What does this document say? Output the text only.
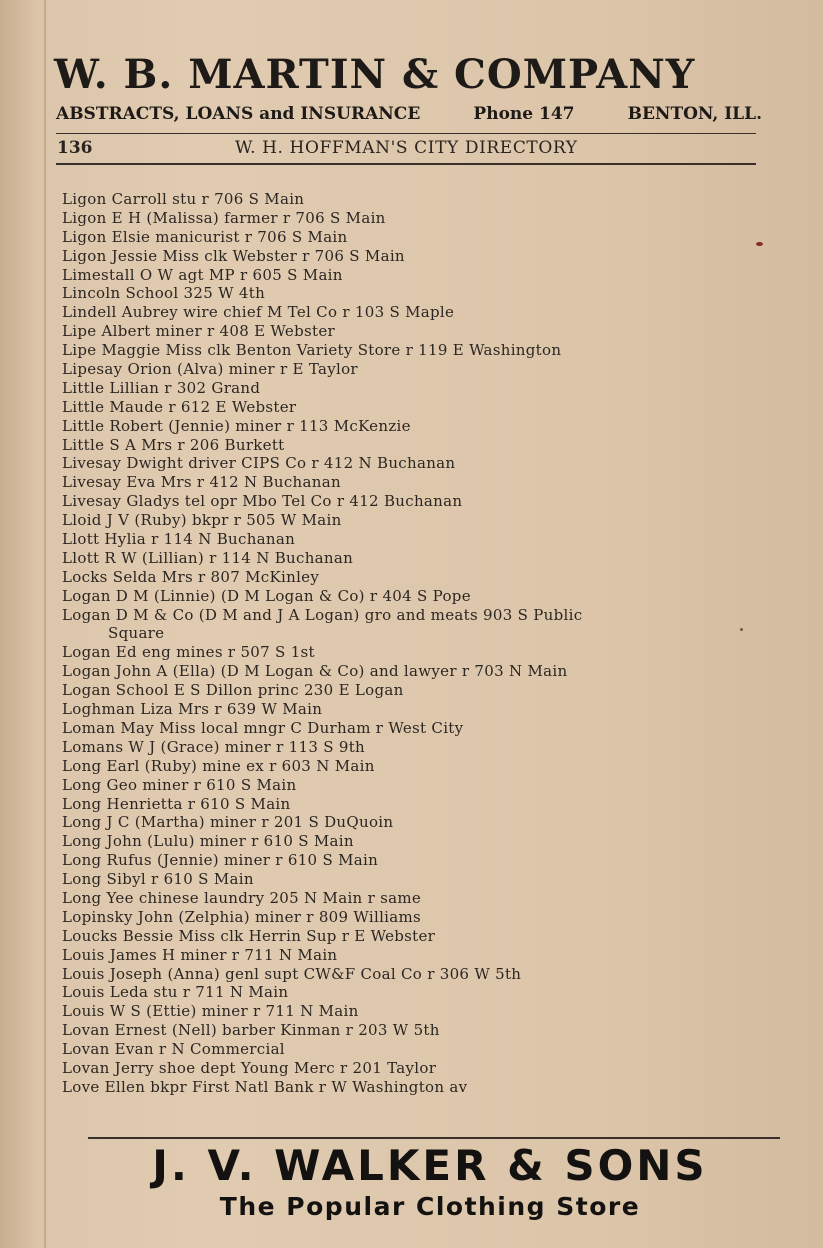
W. B. MARTIN & COMPANY
ABSTRACTS, LOANS and INSURANCE	Phone 147	BENTON, ILL.
136	W. H. HOFFMAN'S CITY DIRECTORY
Ligon Carroll stu r 706 S Main
Ligon E H (Malissa) farmer r 706 S Main
Ligon Elsie manicurist r 706 S Main
Ligon Jessie Miss clk Webster r 706 S Main
Limestall O W agt MP r 605 S Main
Lincoln School 325 W 4th
Lindell Aubrey wire chief M Tel Co r 103 S Maple
Lipe Albert miner r 408 E Webster
Lipe Maggie Miss clk Benton Variety Store r 119 E Washington
Lipesay Orion (Alva) miner r E Taylor
Little Lillian r 302 Grand
Little Maude r 612 E Webster
Little Robert (Jennie) miner r 113 McKenzie
Little S A Mrs r 206 Burkett
Livesay Dwight driver CIPS Co r 412 N Buchanan
Livesay Eva Mrs r 412 N Buchanan
Livesay Gladys tel opr Mbo Tel Co r 412 Buchanan
Lloid J V (Ruby) bkpr r 505 W Main
Llott Hylia r 114 N Buchanan
Llott R W (Lillian) r 114 N Buchanan
Locks Selda Mrs r 807 McKinley
Logan D M (Linnie) (D M Logan & Co) r 404 S Pope
Logan D M & Co (D M and J A Logan) gro and meats 903 S Public
Square
Logan Ed eng mines r 507 S 1st
Logan John A (Ella) (D M Logan & Co) and lawyer r 703 N Main
Logan School E S Dillon princ 230 E Logan
Loghman Liza Mrs r 639 W Main
Loman May Miss local mngr C Durham r West City
Lomans W J (Grace) miner r 113 S 9th
Long Earl (Ruby) mine ex r 603 N Main
Long Geo miner r 610 S Main
Long Henrietta r 610 S Main
Long J C (Martha) miner r 201 S DuQuoin
Long John (Lulu) miner r 610 S Main
Long Rufus (Jennie) miner r 610 S Main
Long Sibyl r 610 S Main
Long Yee chinese laundry 205 N Main r same
Lopinsky John (Zelphia) miner r 809 Williams
Loucks Bessie Miss clk Herrin Sup r E Webster
Louis James H miner r 711 N Main
Louis Joseph (Anna) genl supt CW&F Coal Co r 306 W 5th
Louis Leda stu r 711 N Main
Louis W S (Ettie) miner r 711 N Main
Lovan Ernest (Nell) barber Kinman r 203 W 5th
Lovan Evan r N Commercial
Lovan Jerry shoe dept Young Merc r 201 Taylor
Love Ellen bkpr First Natl Bank r W Washington av
J. V. WALKER & SONS
The Popular Clothing Store
